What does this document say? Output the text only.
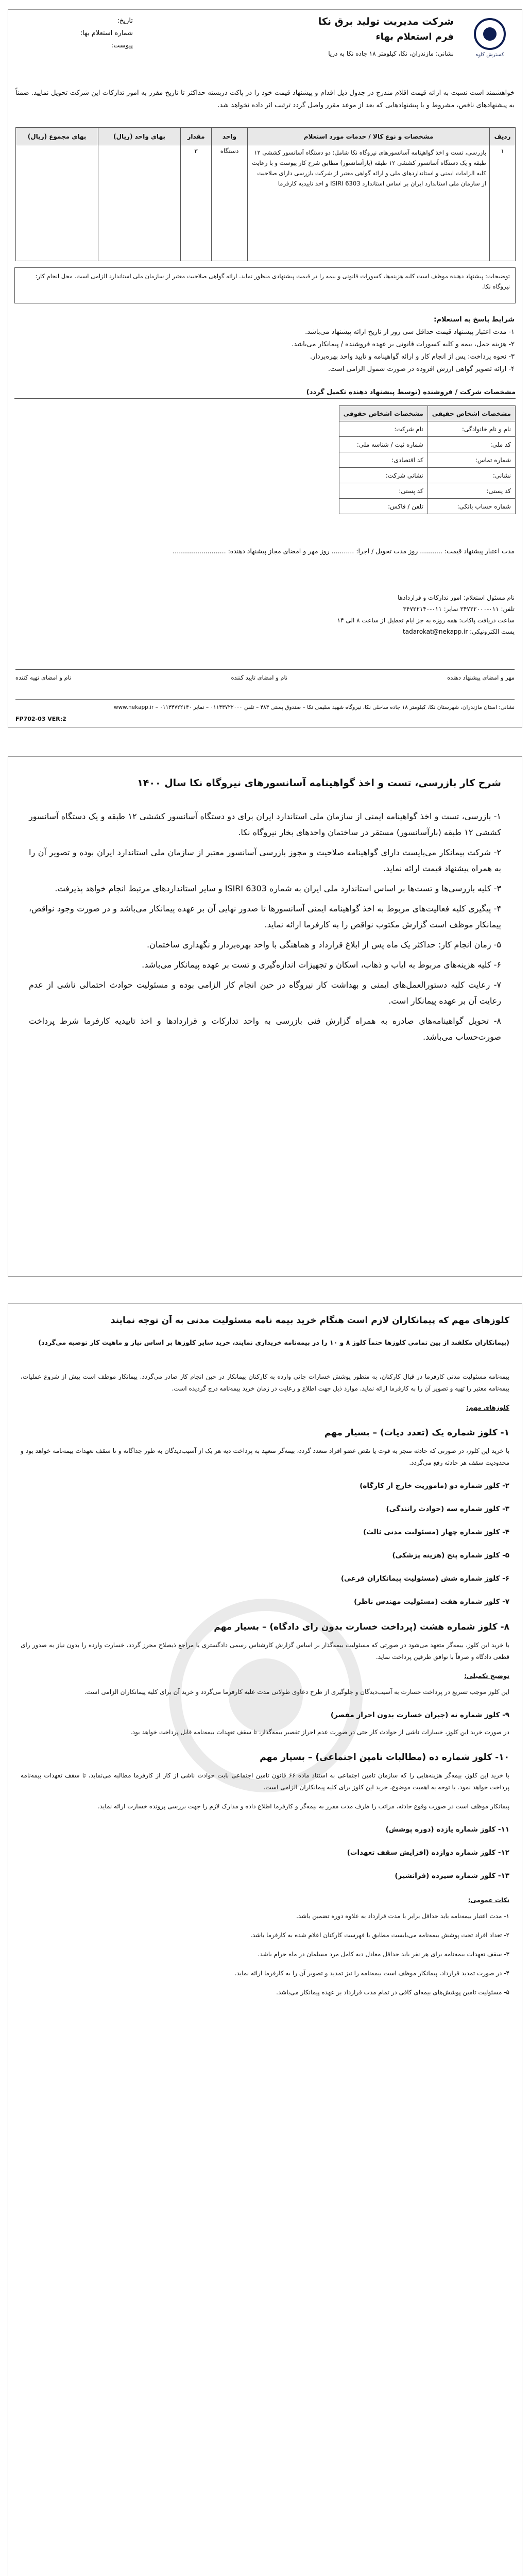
کسترش کاوه
شرکت مدیریت تولید برق نکا
فرم استعلام بهاء
نشانی: مازندران، نکا، کیلومتر ۱۸ جاده نکا به دریا
تاریخ:
شماره استعلام بها:
پیوست:
خواهشمند است نسبت به ارائه قیمت اقلام مندرج در جدول ذیل اقدام و پیشنهاد قیمت خود را در پاکت دربسته حداکثر تا تاریخ مقرر به امور تدارکات این شرکت تحویل نمایید. ضمناً به پیشنهادهای ناقص، مشروط و یا پیشنهادهایی که بعد از موعد مقرر واصل گردد ترتیب اثر داده نخواهد شد.
ردیف	مشخصات و نوع کالا / خدمات مورد استعلام	واحد	مقدار	بهای واحد (ریال)	بهای مجموع (ریال)
۱	بازرسی، تست و اخذ گواهینامه آسانسورهای نیروگاه نکا شامل: دو دستگاه آسانسور کششی ۱۲ طبقه و یک دستگاه آسانسور کششی ۱۲ طبقه (بارآسانسور) مطابق شرح کار پیوست و با رعایت کلیه الزامات ایمنی و استانداردهای ملی و ارائه گواهی معتبر از شرکت بازرسی دارای صلاحیت از سازمان ملی استاندارد ایران بر اساس استاندارد ISIRI 6303 و اخذ تاییدیه کارفرما	دستگاه	۳		
توضیحات: پیشنهاد دهنده موظف است کلیه هزینه‌ها، کسورات قانونی و بیمه را در قیمت پیشنهادی منظور نماید. ارائه گواهی صلاحیت معتبر از سازمان ملی استاندارد الزامی است. محل انجام کار: نیروگاه نکا.
شرایط پاسخ به استعلام:
۱- مدت اعتبار پیشنهاد قیمت حداقل سی روز از تاریخ ارائه پیشنهاد می‌باشد.
۲- هزینه حمل، بیمه و کلیه کسورات قانونی بر عهده فروشنده / پیمانکار می‌باشد.
۳- نحوه پرداخت: پس از انجام کار و ارائه گواهینامه و تایید واحد بهره‌بردار.
۴- ارائه تصویر گواهی ارزش افزوده در صورت شمول الزامی است.
مشخصات شرکت / فروشنده (توسط پیشنهاد دهنده تکمیل گردد)
مشخصات اشخاص حقیقی	مشخصات اشخاص حقوقی
نام و نام خانوادگی:	نام شرکت:
کد ملی:	شماره ثبت / شناسه ملی:
شماره تماس:	کد اقتصادی:
نشانی:	نشانی شرکت:
کد پستی:	کد پستی:
شماره حساب بانکی:	تلفن / فاکس:
مدت اعتبار پیشنهاد قیمت: ........... روز مدت تحویل / اجرا: ........... روز مهر و امضای مجاز پیشنهاد دهنده: ..........................
نام مسئول استعلام: امور تدارکات و قراردادها
تلفن: ۰۱۱-۳۴۷۲۲۰۰۰ نمابر: ۰۱۱-۳۴۷۲۲۱۴۰
ساعت دریافت پاکات: همه روزه به جز ایام تعطیل از ساعت ۸ الی ۱۴
پست الکترونیکی: tadarokat@nekapp.ir
مهر و امضای پیشنهاد دهنده
نام و امضای تایید کننده
نام و امضای تهیه کننده
نشانی: استان مازندران، شهرستان نکا، کیلومتر ۱۸ جاده ساحلی نکا، نیروگاه شهید سلیمی نکا – صندوق پستی ۴۸۴ – تلفن ۰۱۱۳۴۷۲۲۰۰۰ – نمابر ۰۱۱۳۴۷۲۲۱۴۰ – www.nekapp.ir
FP702-03 VER:2
شرح کار بازرسی، تست و اخذ گواهینامه آسانسورهای نیروگاه نکا سال ۱۴۰۰
۱- بازرسی، تست و اخذ گواهینامه ایمنی از سازمان ملی استاندارد ایران برای دو دستگاه آسانسور کششی ۱۲ طبقه و یک دستگاه آسانسور کششی ۱۲ طبقه (بارآسانسور) مستقر در ساختمان واحدهای بخار نیروگاه نکا.
۲- شرکت پیمانکار می‌بایست دارای گواهینامه صلاحیت و مجوز بازرسی آسانسور معتبر از سازمان ملی استاندارد ایران بوده و تصویر آن را به همراه پیشنهاد قیمت ارائه نماید.
۳- کلیه بازرسی‌ها و تست‌ها بر اساس استاندارد ملی ایران به شماره ISIRI 6303 و سایر استانداردهای مرتبط انجام خواهد پذیرفت.
۴- پیگیری کلیه فعالیت‌های مربوط به اخذ گواهینامه ایمنی آسانسورها تا صدور نهایی آن بر عهده پیمانکار می‌باشد و در صورت وجود نواقص، پیمانکار موظف است گزارش مکتوب نواقص را به کارفرما ارائه نماید.
۵- زمان انجام کار: حداکثر یک ماه پس از ابلاغ قرارداد و هماهنگی با واحد بهره‌بردار و نگهداری ساختمان.
۶- کلیه هزینه‌های مربوط به ایاب و ذهاب، اسکان و تجهیزات اندازه‌گیری و تست بر عهده پیمانکار می‌باشد.
۷- رعایت کلیه دستورالعمل‌های ایمنی و بهداشت کار نیروگاه در حین انجام کار الزامی بوده و مسئولیت حوادث احتمالی ناشی از عدم رعایت آن بر عهده پیمانکار است.
۸- تحویل گواهینامه‌های صادره به همراه گزارش فنی بازرسی به واحد تدارکات و قراردادها و اخذ تاییدیه کارفرما شرط پرداخت صورت‌حساب می‌باشد.
کلوزهای مهم که پیمانکاران لازم است هنگام خرید بیمه نامه مسئولیت مدنی به آن توجه نمایند
(پیمانکاران مکلفند از بین تمامی کلوزها حتماً کلوز ۸ و ۱۰ را در بیمه‌نامه خریداری نمایند، خرید سایر کلوزها بر اساس نیاز و ماهیت کار توصیه می‌گردد)

بیمه‌نامه مسئولیت مدنی کارفرما در قبال کارکنان، به منظور پوشش خسارات جانی وارده به کارکنان پیمانکار در حین انجام کار صادر می‌گردد. پیمانکار موظف است پیش از شروع عملیات، بیمه‌نامه معتبر را تهیه و تصویر آن را به کارفرما ارائه نماید. موارد ذیل جهت اطلاع و رعایت در زمان خرید بیمه‌نامه درج گردیده است.

کلوزهای مهم:
۱- کلوز شماره یک (تعدد دیات) – بسیار مهم

با خرید این کلوز، در صورتی که حادثه منجر به فوت یا نقص عضو افراد متعدد گردد، بیمه‌گر متعهد به پرداخت دیه هر یک از آسیب‌دیدگان به طور جداگانه و تا سقف تعهدات بیمه‌نامه خواهد بود و محدودیت سقف هر حادثه رفع می‌گردد.

۲- کلوز شماره دو (ماموریت خارج از کارگاه)
۳- کلوز شماره سه (حوادث رانندگی)
۴- کلوز شماره چهار (مسئولیت مدنی ثالث)
۵- کلوز شماره پنج (هزینه پزشکی)
۶- کلوز شماره شش (مسئولیت پیمانکاران فرعی)
۷- کلوز شماره هفت (مسئولیت مهندس ناظر)
۸- کلوز شماره هشت (پرداخت خسارت بدون رای دادگاه) – بسیار مهم

با خرید این کلوز، بیمه‌گر متعهد می‌شود در صورتی که مسئولیت بیمه‌گذار بر اساس گزارش کارشناس رسمی دادگستری یا مراجع ذیصلاح محرز گردد، خسارت وارده را بدون نیاز به صدور رای قطعی دادگاه و صرفاً با توافق طرفین پرداخت نماید.

توضیح تکمیلی:

این کلوز موجب تسریع در پرداخت خسارت به آسیب‌دیدگان و جلوگیری از طرح دعاوی طولانی مدت علیه کارفرما می‌گردد و خرید آن برای کلیه پیمانکاران الزامی است.

۹- کلوز شماره نه (جبران خسارت بدون احراز مقصر)

در صورت خرید این کلوز، خسارات ناشی از حوادث کار حتی در صورت عدم احراز تقصیر بیمه‌گذار، تا سقف تعهدات بیمه‌نامه قابل پرداخت خواهد بود.

۱۰- کلوز شماره ده (مطالبات تامین اجتماعی) – بسیار مهم

با خرید این کلوز، بیمه‌گر هزینه‌هایی را که سازمان تامین اجتماعی به استناد ماده ۶۶ قانون تامین اجتماعی بابت حوادث ناشی از کار از کارفرما مطالبه می‌نماید، تا سقف تعهدات بیمه‌نامه پرداخت خواهد نمود. با توجه به اهمیت موضوع، خرید این کلوز برای کلیه پیمانکاران الزامی است.

پیمانکار موظف است در صورت وقوع حادثه، مراتب را ظرف مدت مقرر به بیمه‌گر و کارفرما اطلاع داده و مدارک لازم را جهت بررسی پرونده خسارت ارائه نماید.

۱۱- کلوز شماره یازده (دوره پوشش)
۱۲- کلوز شماره دوازده (افزایش سقف تعهدات)
۱۳- کلوز شماره سیزده (فرانشیز)
نکات عمومی:

۱- مدت اعتبار بیمه‌نامه باید حداقل برابر با مدت قرارداد به علاوه دوره تضمین باشد.

۲- تعداد افراد تحت پوشش بیمه‌نامه می‌بایست مطابق با فهرست کارکنان اعلام شده به کارفرما باشد.

۳- سقف تعهدات بیمه‌نامه برای هر نفر باید حداقل معادل دیه کامل مرد مسلمان در ماه حرام باشد.

۴- در صورت تمدید قرارداد، پیمانکار موظف است بیمه‌نامه را نیز تمدید و تصویر آن را به کارفرما ارائه نماید.

۵- مسئولیت تامین پوشش‌های بیمه‌ای کافی در تمام مدت قرارداد بر عهده پیمانکار می‌باشد.
